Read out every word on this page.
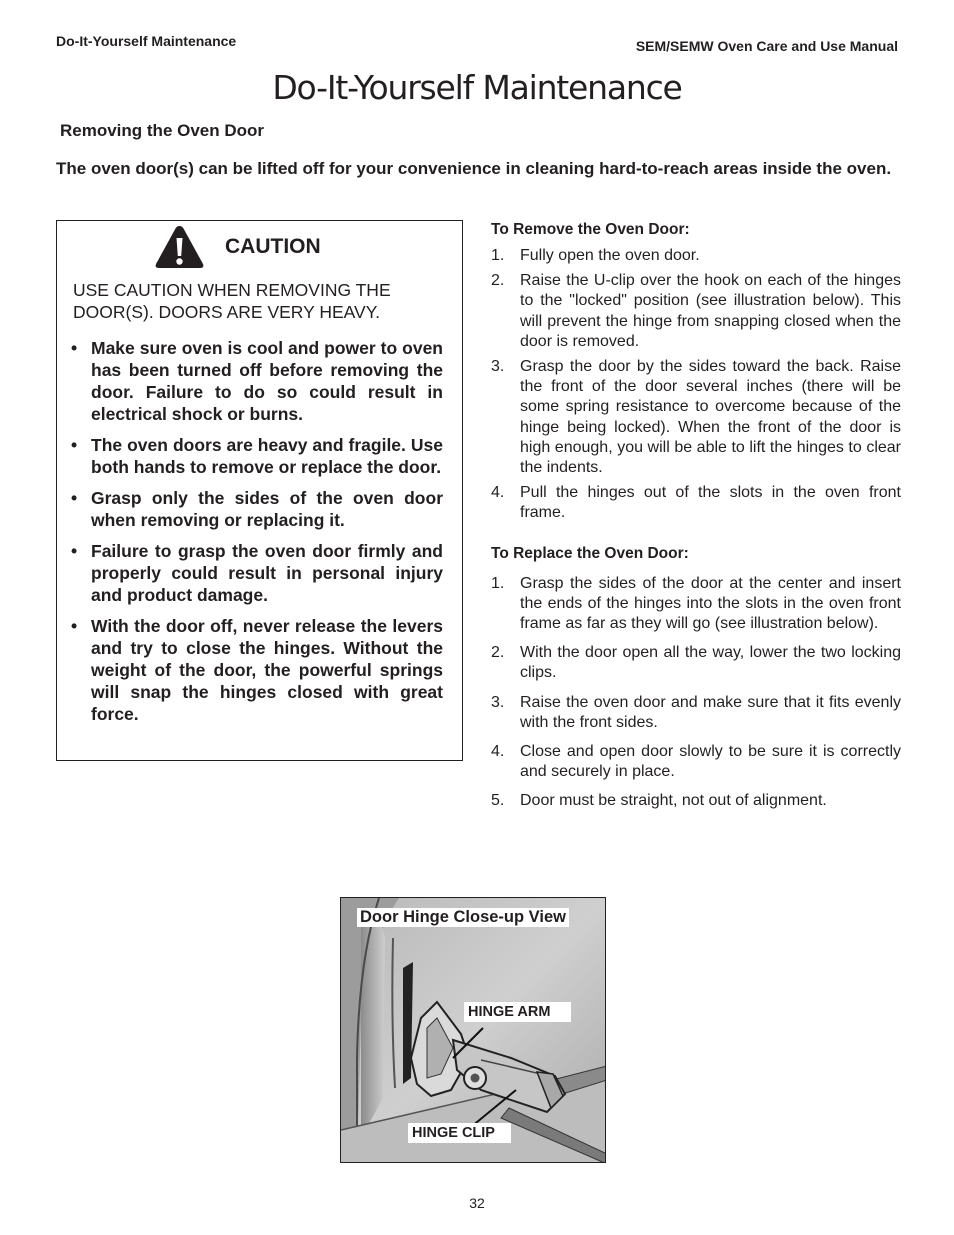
Do-It-Yourself Maintenance	SEM/SEMW Oven Care and Use Manual
Do-It-Yourself Maintenance
Removing the Oven Door

The oven door(s) can be lifted off for your convenience in cleaning hard-to-reach areas inside the oven.

CAUTION

USE CAUTION WHEN REMOVING THE DOOR(S). DOORS ARE VERY HEAVY.

• Make sure oven is cool and power to oven has been turned off before removing the door. Failure to do so could result in electrical shock or burns.
• The oven doors are heavy and fragile. Use both hands to remove or replace the door.
• Grasp only the sides of the oven door when removing or replacing it.
• Failure to grasp the oven door firmly and properly could result in personal injury and product damage.
• With the door off, never release the levers and try to close the hinges. Without the weight of the door, the powerful springs will snap the hinges closed with great force.
To Remove the Oven Door:
1. Fully open the oven door.
2. Raise the U-clip over the hook on each of the hinges to the "locked" position (see illustration below). This will prevent the hinge from snapping closed when the door is removed.
3. Grasp the door by the sides toward the back. Raise the front of the door several inches (there will be some spring resistance to overcome because of the hinge being locked). When the front of the door is high enough, you will be able to lift the hinges to clear the indents.
4. Pull the hinges out of the slots in the oven front frame.
To Replace the Oven Door:
1. Grasp the sides of the door at the center and insert the ends of the hinges into the slots in the oven front frame as far as they will go (see illustration below).
2. With the door open all the way, lower the two locking clips.
3. Raise the oven door and make sure that it fits evenly with the front sides.
4. Close and open door slowly to be sure it is correctly and securely in place.
5. Door must be straight, not out of alignment.
Door Hinge Close-up View
HINGE ARM
HINGE CLIP
32
